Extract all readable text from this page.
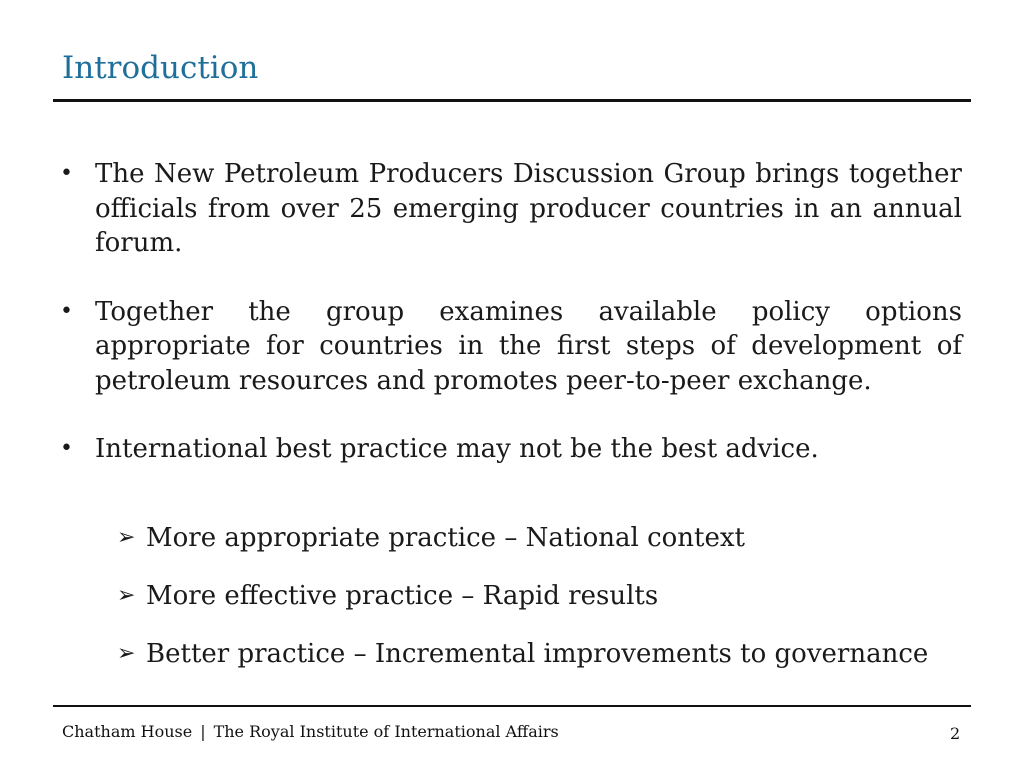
Introduction
• The New Petroleum Producers Discussion Group brings together officials from over 25 emerging producer countries in an annual forum.
• Together the group examines available policy options appropriate for countries in the first steps of development of petroleum resources and promotes peer-to-peer exchange.
• International best practice may not be the best advice.
➢ More appropriate practice – National context
➢ More effective practice – Rapid results
➢ Better practice – Incremental improvements to governance
Chatham House | The Royal Institute of International Affairs	2
